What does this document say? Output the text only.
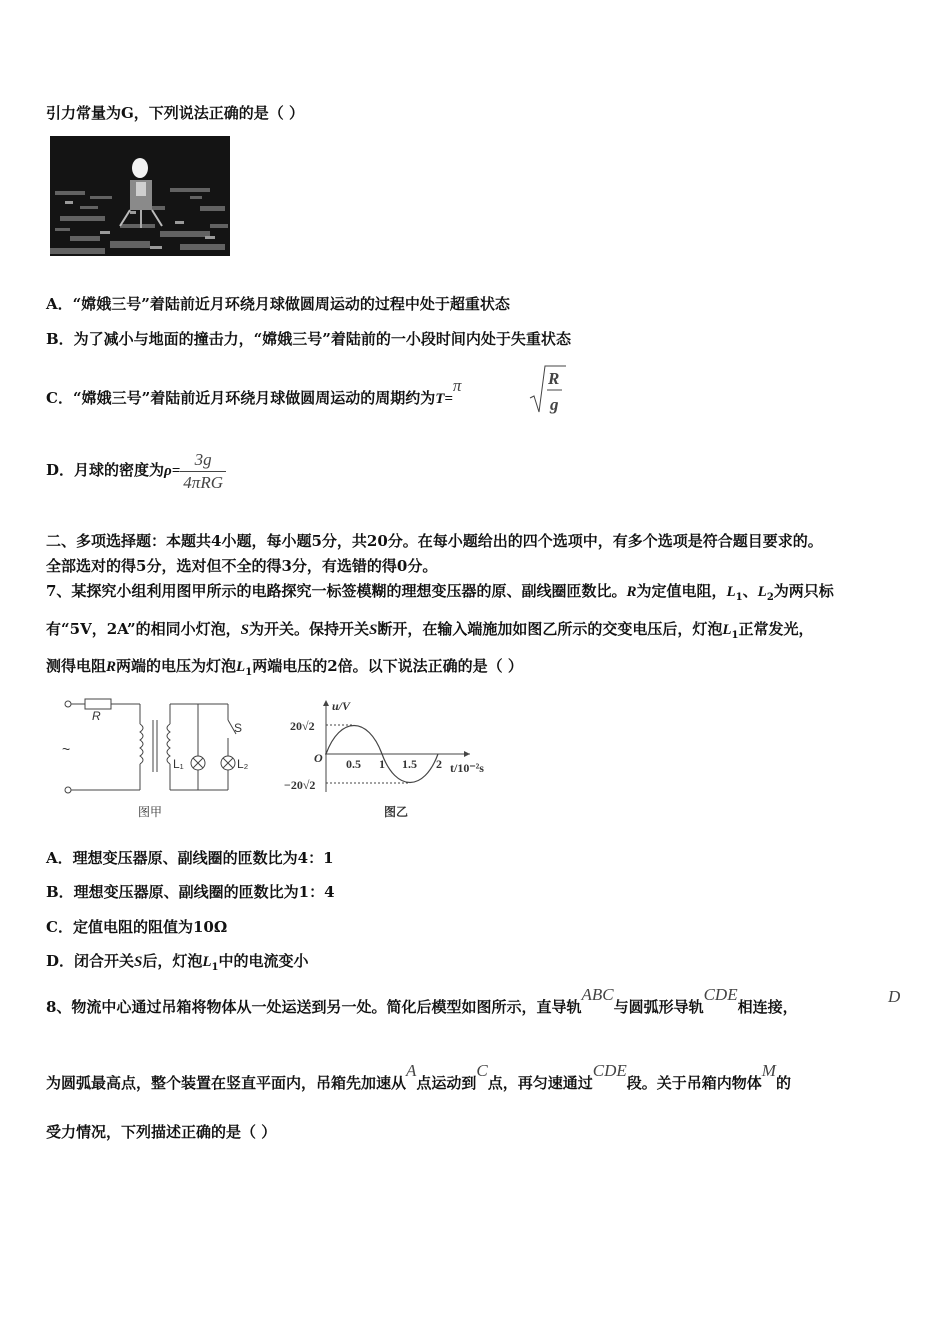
引力常量为G，下列说法正确的是（ ）
A．“嫦娥三号”着陆前近月环绕月球做圆周运动的过程中处于超重状态
B．为了减小与地面的撞击力，“嫦娥三号”着陆前的一小段时间内处于失重状态
C．“嫦娥三号”着陆前近月环绕月球做圆周运动的周期约为T=π	R
g
D．月球的密度为$\rho= \frac{3g}{\text{4πRG}}$
二、多项选择题：本题共4小题，每小题5分，共20分。在每小题给出的四个选项中，有多个选项是符合题目要求的。
全部选对的得5分，选对但不全的得3分，有选错的得0分。
7、某探究小组利用图甲所示的电路探究一标签模糊的理想变压器的原、副线圈匝数比。R为定值电阻，$L_1$、$L_2$为两只标
有“5V，2A”的相同小灯泡，S为开关。保持开关S断开，在输入端施加如图乙所示的交变电压后，灯泡$L_1$正常发光，
测得电阻R两端的电压为灯泡$L_1$两端电压的2倍。以下说法正确的是（ ）
R
S
L₁	L₂
~
图甲
u/V
20√2
−20√2
O 0.5 1 1.5 2 t/10⁻²s
图乙
A．理想变压器原、副线圈的匝数比为4：1
B．理想变压器原、副线圈的匝数比为1：4
C．定值电阻的阻值为10Ω
D．闭合开关S后，灯泡$L_1$中的电流变小
8、物流中心通过吊箱将物体从一处运送到另一处。简化后模型如图所示，直导轨ABC与圆弧形导轨CDE相连接，
D
为圆弧最高点，整个装置在竖直平面内，吊箱先加速从A点运动到C点，再匀速通过CDE段。关于吊箱内物体M的
受力情况，下列描述正确的是（ ）
